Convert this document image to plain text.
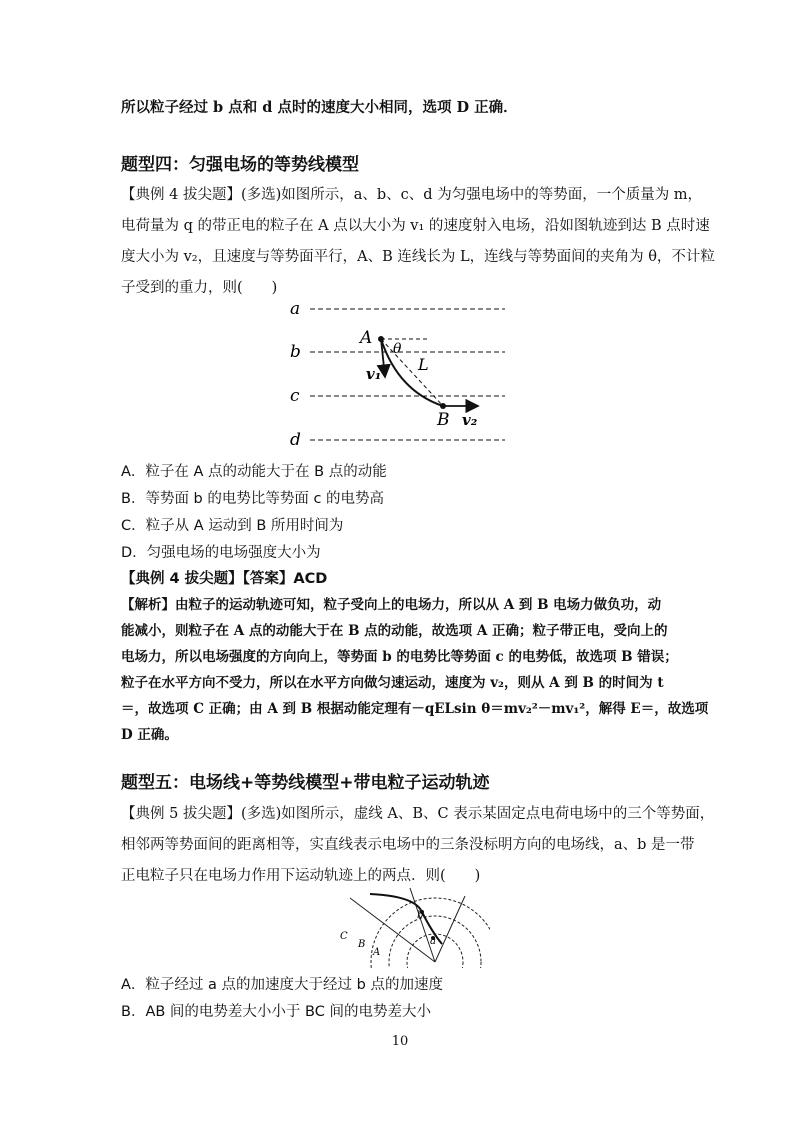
所以粒子经过 b 点和 d 点时的速度大小相同，选项 D 正确．
题型四：匀强电场的等势线模型
【典例 4 拔尖题】(多选)如图所示，a、b、c、d 为匀强电场中的等势面，一个质量为 m，
电荷量为 q 的带正电的粒子在 A 点以大小为 v₁ 的速度射入电场，沿如图轨迹到达 B 点时速
度大小为 v₂，且速度与等势面平行，A、B 连线长为 L，连线与等势面间的夹角为 θ，不计粒
子受到的重力，则(　　)
a
b
c
d
A
θ
L
v₁
B v₂
A．粒子在 A 点的动能大于在 B 点的动能
B．等势面 b 的电势比等势面 c 的电势高
C．粒子从 A 运动到 B 所用时间为
D．匀强电场的电场强度大小为
【典例 4 拔尖题】【答案】ACD
【解析】由粒子的运动轨迹可知，粒子受向上的电场力，所以从 A 到 B 电场力做负功，动
能减小，则粒子在 A 点的动能大于在 B 点的动能，故选项 A 正确；粒子带正电，受向上的
电场力，所以电场强度的方向向上，等势面 b 的电势比等势面 c 的电势低，故选项 B 错误；
粒子在水平方向不受力，所以在水平方向做匀速运动，速度为 v₂，则从 A 到 B 的时间为 t
＝，故选项 C 正确；由 A 到 B 根据动能定理有－qELsin θ＝mv₂²－mv₁²，解得 E＝，故选项
D 正确。
题型五：电场线+等势线模型+带电粒子运动轨迹
【典例 5 拔尖题】(多选)如图所示，虚线 A、B、C 表示某固定点电荷电场中的三个等势面，
相邻两等势面间的距离相等，实直线表示电场中的三条没标明方向的电场线，a、b 是一带
正电粒子只在电场力作用下运动轨迹上的两点．则(　　)
A
B
C	a
b
A．粒子经过 a 点的加速度大于经过 b 点的加速度
B．AB 间的电势差大小小于 BC 间的电势差大小
10
